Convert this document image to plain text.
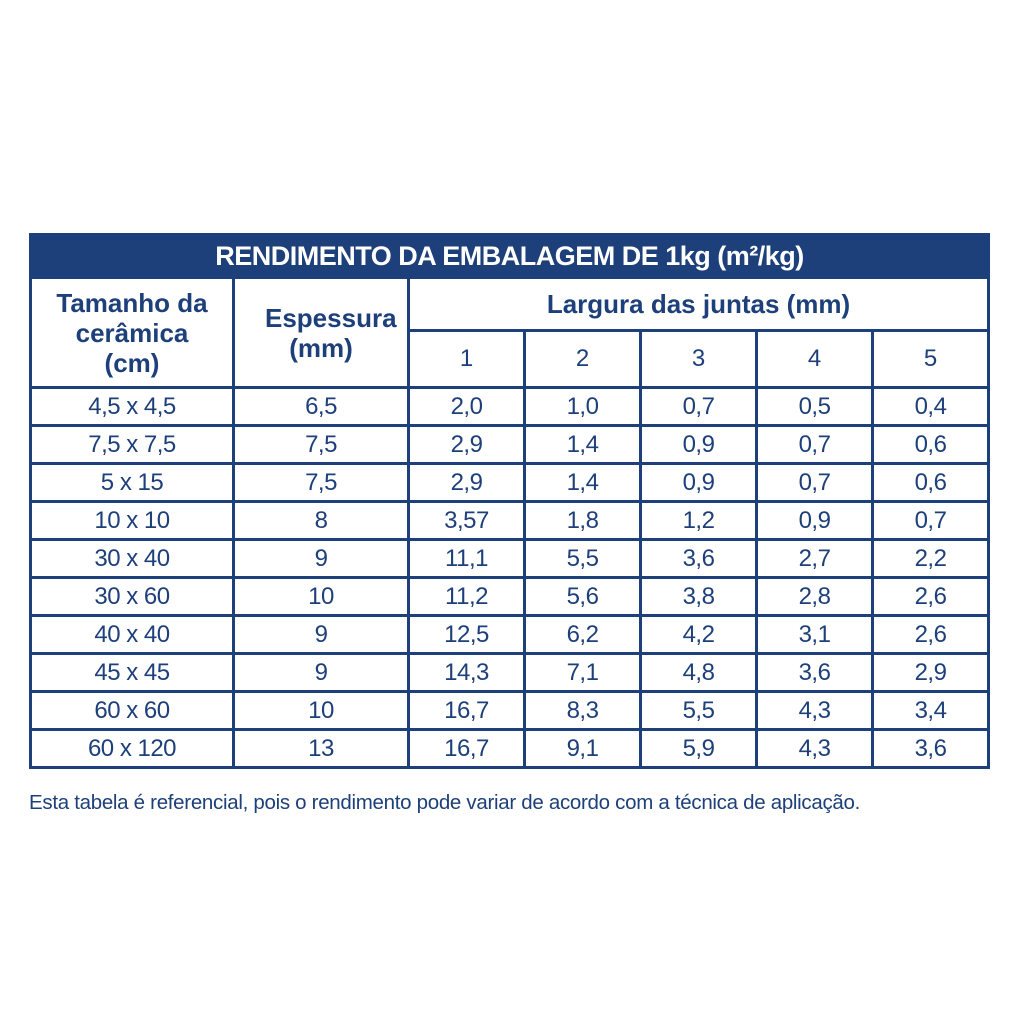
RENDIMENTO DA EMBALAGEM DE 1kg (m²/kg)						
Tamanho da cerâmica (cm)	Espessura (mm)	Largura das juntas (mm)				
		1	2	3	4	5
4,5 x 4,5	6,5	2,0	1,0	0,7	0,5	0,4
7,5 x 7,5	7,5	2,9	1,4	0,9	0,7	0,6
5 x 15	7,5	2,9	1,4	0,9	0,7	0,6
10 x 10	8	3,57	1,8	1,2	0,9	0,7
30 x 40	9	11,1	5,5	3,6	2,7	2,2
30 x 60	10	11,2	5,6	3,8	2,8	2,6
40 x 40	9	12,5	6,2	4,2	3,1	2,6
45 x 45	9	14,3	7,1	4,8	3,6	2,9
60 x 60	10	16,7	8,3	5,5	4,3	3,4
60 x 120	13	16,7	9,1	5,9	4,3	3,6
Esta tabela é referencial, pois o rendimento pode variar de acordo com a técnica de aplicação.
